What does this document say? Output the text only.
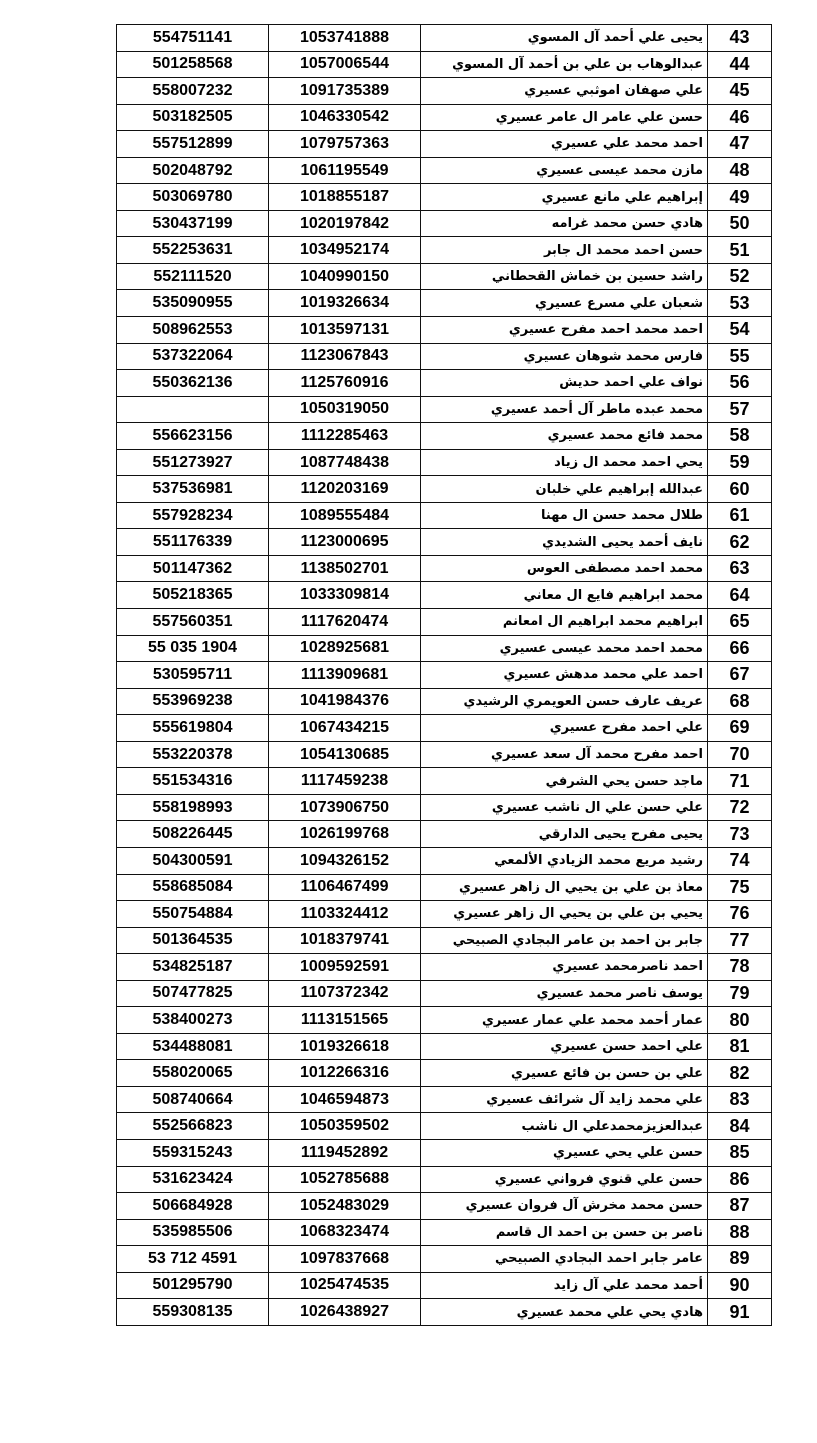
554751141	1053741888	يحيى علي أحمد آل المسوي	43
501258568	1057006544	عبدالوهاب بن علي بن أحمد آل المسوي	44
558007232	1091735389	علي صهفان اموثبي عسيري	45
503182505	1046330542	حسن علي عامر ال عامر عسيري	46
557512899	1079757363	احمد محمد علي عسيري	47
502048792	1061195549	مازن محمد عيسى عسيري	48
503069780	1018855187	إبراهيم علي مانع عسيري	49
530437199	1020197842	هادي حسن محمد غرامه	50
552253631	1034952174	حسن احمد محمد ال جابر	51
552111520	1040990150	راشد حسين بن خماش القحطاني	52
535090955	1019326634	شعبان علي مسرع عسيري	53
508962553	1013597131	احمد محمد احمد مفرح عسيري	54
537322064	1123067843	فارس محمد شوهان عسيري	55
550362136	1125760916	نواف علي احمد حديش	56
	1050319050	محمد عبده ماطر آل أحمد عسيري	57
556623156	1112285463	محمد فائع محمد عسيري	58
551273927	1087748438	يحي احمد محمد ال زياد	59
537536981	1120203169	عبدالله إبراهيم علي خلبان	60
557928234	1089555484	طلال محمد حسن ال مهنا	61
551176339	1123000695	نايف أحمد يحيى الشديدي	62
501147362	1138502701	محمد احمد مصطفى العوس	63
505218365	1033309814	محمد ابراهيم فايع ال معاني	64
557560351	1117620474	ابراهيم محمد ابراهيم ال امعانم	65
55 035 1904	1028925681	محمد احمد محمد عيسى عسيري	66
530595711	1113909681	احمد علي محمد مدهش عسيري	67
553969238	1041984376	عريف عارف حسن العويمري الرشيدي	68
555619804	1067434215	علي احمد مفرح عسيري	69
553220378	1054130685	احمد مفرح محمد آل سعد عسيري	70
551534316	1117459238	ماجد حسن يحي الشرفي	71
558198993	1073906750	علي حسن علي ال ناشب عسيري	72
508226445	1026199768	يحيى مفرح يحيى الدارقي	73
504300591	1094326152	رشيد مريع محمد الزيادي الألمعي	74
558685084	1106467499	معاذ بن علي بن يحيي ال زاهر عسيري	75
550754884	1103324412	يحيي بن علي بن يحيي ال زاهر عسيري	76
501364535	1018379741	جابر بن احمد بن عامر البجادي الصبيحي	77
534825187	1009592591	احمد ناصرمحمد عسيري	78
507477825	1107372342	يوسف ناصر محمد عسيري	79
538400273	1113151565	عمار أحمد محمد علي عمار عسيري	80
534488081	1019326618	علي احمد حسن عسيري	81
558020065	1012266316	علي بن حسن بن فائع عسيري	82
508740664	1046594873	علي محمد زايد آل شرائف عسيري	83
552566823	1050359502	عبدالعزيزمحمدعلي ال ناشب	84
559315243	1119452892	حسن علي يحي عسيري	85
531623424	1052785688	حسن علي قنوي فرواني عسيري	86
506684928	1052483029	حسن محمد مخرش آل فروان عسيري	87
535985506	1068323474	ناصر بن حسن بن احمد ال قاسم	88
53 712 4591	1097837668	عامر جابر احمد البجادي الصبيحي	89
501295790	1025474535	أحمد محمد علي آل زايد	90
559308135	1026438927	هادي يحي علي محمد عسيري	91
